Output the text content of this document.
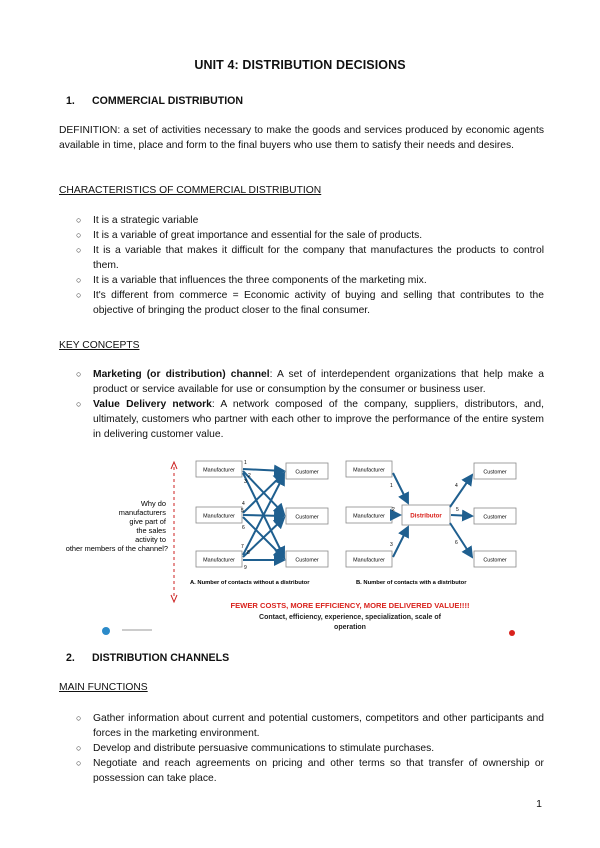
UNIT 4: DISTRIBUTION DECISIONS
1. COMMERCIAL DISTRIBUTION
DEFINITION: a set of activities necessary to make the goods and services produced by economic agents available in time, place and form to the final buyers who use them to satisfy their needs and desires.
CHARACTERISTICS OF COMMERCIAL DISTRIBUTION
○ It is a strategic variable
○ It is a variable of great importance and essential for the sale of products.
○ It is a variable that makes it difficult for the company that manufactures the products to control them.
○ It is a variable that influences the three components of the marketing mix.
○ It's different from commerce = Economic activity of buying and selling that contributes to the objective of bringing the product closer to the final consumer.
KEY CONCEPTS
○ Marketing (or distribution) channel: A set of interdependent organizations that help make a product or service available for use or consumption by the consumer or business user.
○ Value Delivery network: A network composed of the company, suppliers, distributors, and, ultimately, customers who partner with each other to improve the performance of the entire system in delivering customer value.
Why do manufacturers give part of the sales activity to other members of the channel?
Manufacturer
Manufacturer
Manufacturer
Customer
Customer
Customer
1
3
2
4
5
6
7
8
9
A. Number of contacts without a distributor
Manufacturer
Manufacturer
Manufacturer
Distributor
Customer
Customer
Customer
1
2
3
4
5
6
B. Number of contacts with a distributor
FEWER COSTS, MORE EFFICIENCY, MORE DELIVERED VALUE!!!!
Contact, efficiency, experience, specialization, scale of
operation
2. DISTRIBUTION CHANNELS
MAIN FUNCTIONS
○ Gather information about current and potential customers, competitors and other participants and forces in the marketing environment.
○ Develop and distribute persuasive communications to stimulate purchases.
○ Negotiate and reach agreements on pricing and other terms so that transfer of ownership or possession can take place.
1
